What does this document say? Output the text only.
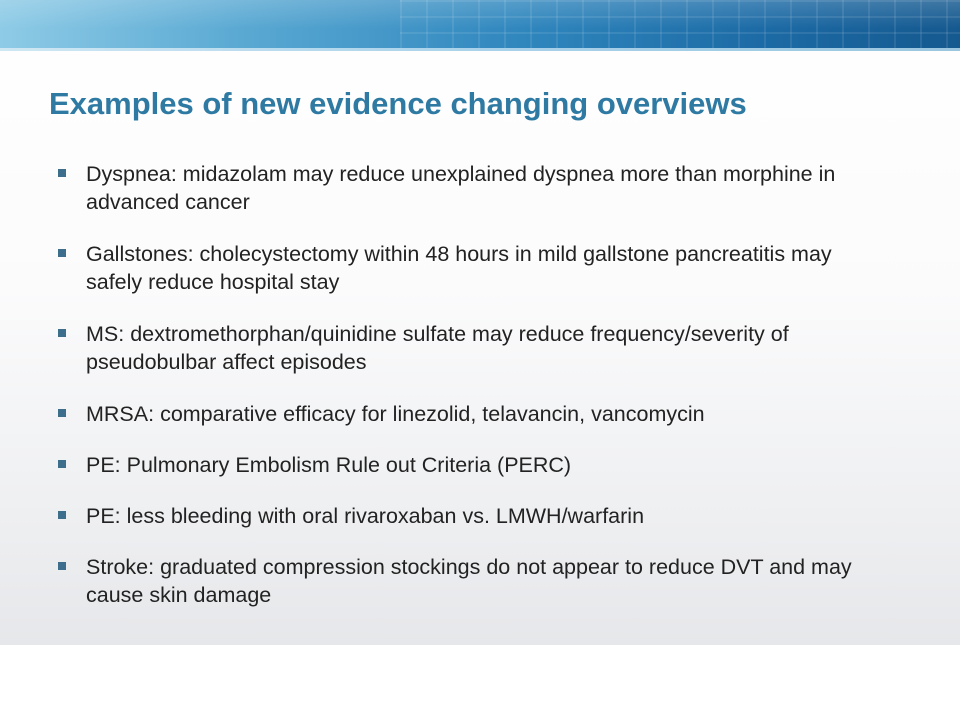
Examples of new evidence changing overviews
Dyspnea: midazolam may reduce unexplained dyspnea more than morphine in advanced cancer
Gallstones: cholecystectomy within 48 hours in mild gallstone pancreatitis may safely reduce hospital stay
MS: dextromethorphan/quinidine sulfate may reduce frequency/severity of pseudobulbar affect episodes
MRSA: comparative efficacy for linezolid, telavancin, vancomycin
PE: Pulmonary Embolism Rule out Criteria (PERC)
PE: less bleeding with oral rivaroxaban vs. LMWH/warfarin
Stroke: graduated compression stockings do not appear to reduce DVT and may cause skin damage
